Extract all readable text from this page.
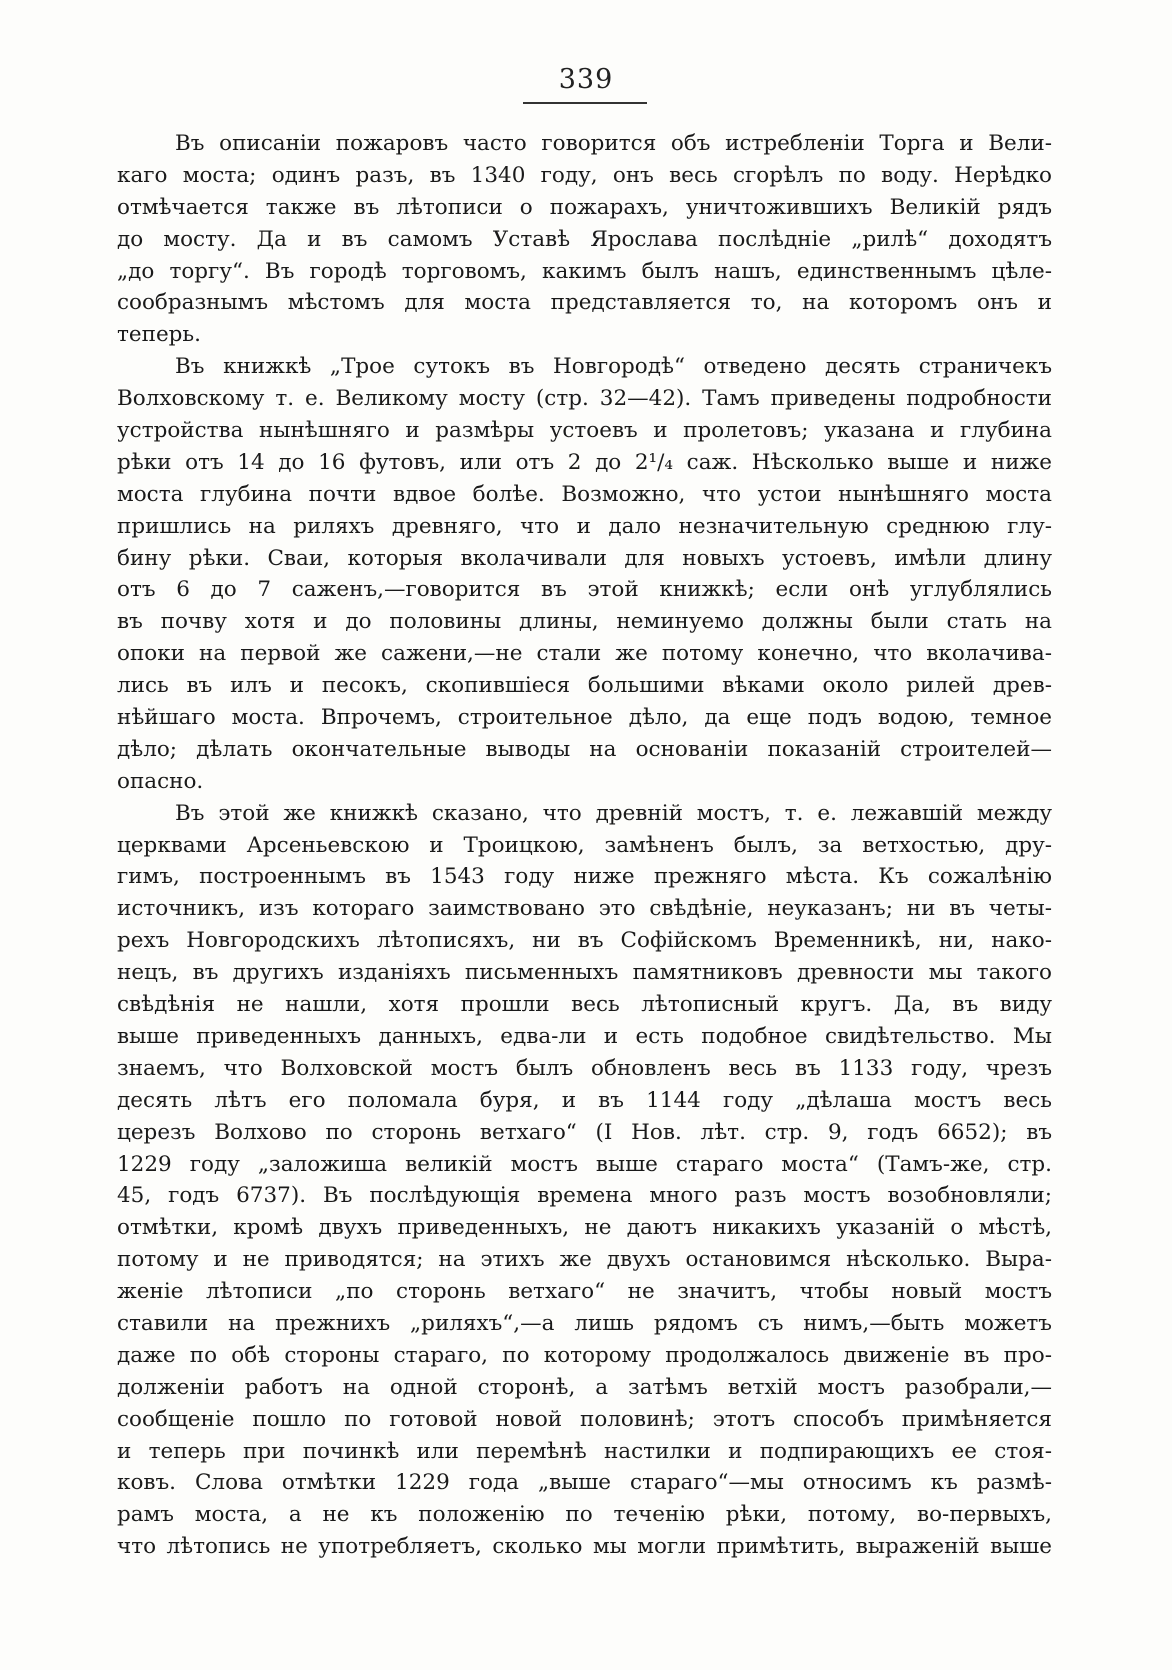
339
Въ описаніи пожаровъ часто говорится объ истребленіи Торга и Вели-
каго моста; одинъ разъ, въ 1340 году, онъ весь сгорѣлъ по воду. Нерѣдко
отмѣчается также въ лѣтописи о пожарахъ, уничтожившихъ Великій рядъ
до мосту. Да и въ самомъ Уставѣ Ярослава послѣдніе „рилѣ“ доходятъ
„до торгу“. Въ городѣ торговомъ, какимъ былъ нашъ, единственнымъ цѣле-
сообразнымъ мѣстомъ для моста представляется то, на которомъ онъ и
теперь.
Въ книжкѣ „Трое сутокъ въ Новгородѣ“ отведено десять страничекъ
Волховскому т. е. Великому мосту (стр. 32—42). Тамъ приведены подробности
устройства нынѣшняго и размѣры устоевъ и пролетовъ; указана и глубина
рѣки отъ 14 до 16 футовъ, или отъ 2 до 2¹/₄ саж. Нѣсколько выше и ниже
моста глубина почти вдвое болѣе. Возможно, что устои нынѣшняго моста
пришлись на риляхъ древняго, что и дало незначительную среднюю глу-
бину рѣки. Сваи, которыя вколачивали для новыхъ устоевъ, имѣли длину
отъ 6 до 7 саженъ,—говорится въ этой книжкѣ; если онѣ углублялись
въ почву хотя и до половины длины, неминуемо должны были стать на
опоки на первой же сажени,—не стали же потому конечно, что вколачива-
лись въ илъ и песокъ, скопившіеся большими вѣками около рилей древ-
нѣйшаго моста. Впрочемъ, строительное дѣло, да еще подъ водою, темное
дѣло; дѣлать окончательные выводы на основаніи показаній строителей—
опасно.
Въ этой же книжкѣ сказано, что древній мостъ, т. е. лежавшій между
церквами Арсеньевскою и Троицкою, замѣненъ былъ, за ветхостью, дру-
гимъ, построеннымъ въ 1543 году ниже прежняго мѣста. Къ сожалѣнію
источникъ, изъ котораго заимствовано это свѣдѣніе, неуказанъ; ни въ четы-
рехъ Новгородскихъ лѣтописяхъ, ни въ Софійскомъ Временникѣ, ни, нако-
нецъ, въ другихъ изданіяхъ письменныхъ памятниковъ древности мы такого
свѣдѣнія не нашли, хотя прошли весь лѣтописный кругъ. Да, въ виду
выше приведенныхъ данныхъ, едва-ли и есть подобное свидѣтельство. Мы
знаемъ, что Волховской мостъ былъ обновленъ весь въ 1133 году, чрезъ
десять лѣтъ его поломала буря, и въ 1144 году „дѣлаша мостъ весь
церезъ Волхово по сторонь ветхаго“ (I Нов. лѣт. стр. 9, годъ 6652); въ
1229 году „заложиша великій мостъ выше стараго моста“ (Тамъ-же, стр.
45, годъ 6737). Въ послѣдующія времена много разъ мостъ возобновляли;
отмѣтки, кромѣ двухъ приведенныхъ, не даютъ никакихъ указаній о мѣстѣ,
потому и не приводятся; на этихъ же двухъ остановимся нѣсколько. Выра-
женіе лѣтописи „по сторонь ветхаго“ не значитъ, чтобы новый мостъ
ставили на прежнихъ „риляхъ“,—а лишь рядомъ съ нимъ,—быть можетъ
даже по обѣ стороны стараго, по которому продолжалось движеніе въ про-
долженіи работъ на одной сторонѣ, а затѣмъ ветхій мостъ разобрали,—
сообщеніе пошло по готовой новой половинѣ; этотъ способъ примѣняется
и теперь при починкѣ или перемѣнѣ настилки и подпирающихъ ее стоя-
ковъ. Слова отмѣтки 1229 года „выше стараго“—мы относимъ къ размѣ-
рамъ моста, а не къ положенію по теченію рѣки, потому, во-первыхъ,
что лѣтопись не употребляетъ, сколько мы могли примѣтить, выраженій выше
